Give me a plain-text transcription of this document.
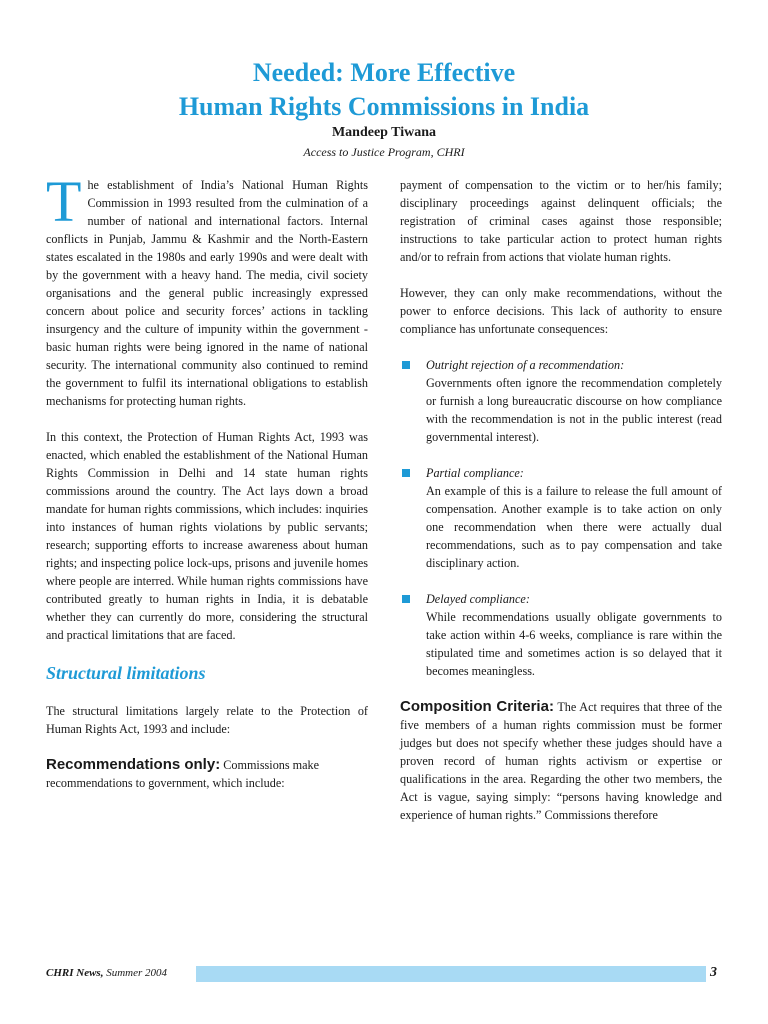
Needed: More Effective
Human Rights Commissions in India
Mandeep Tiwana
Access to Justice Program, CHRI

The establishment of India’s National Human Rights Commission in 1993 resulted from the culmination of a number of national and international factors. Internal conflicts in Punjab, Jammu & Kashmir and the North-Eastern states escalated in the 1980s and early 1990s and were dealt with by the government with a heavy hand. The media, civil society organisations and the general public increasingly expressed concern about police and security forces’ actions in tackling insurgency and the culture of impunity within the government - basic human rights were being ignored in the name of national security. The international community also continued to remind the government to fulfil its international obligations to establish mechanisms for protecting human rights.

In this context, the Protection of Human Rights Act, 1993 was enacted, which enabled the establishment of the National Human Rights Commission in Delhi and 14 state human rights commissions around the country. The Act lays down a broad mandate for human rights commissions, which includes: inquiries into instances of human rights violations by public servants; research; supporting efforts to increase awareness about human rights; and inspecting police lock-ups, prisons and juvenile homes where people are interred. While human rights commissions have contributed greatly to human rights in India, it is debatable whether they can currently do more, considering the structural and practical limitations that are faced.

Structural limitations

The structural limitations largely relate to the Protection of Human Rights Act, 1993 and include:

Recommendations only: Commissions make recommendations to government, which include:

payment of compensation to the victim or to her/his family; disciplinary proceedings against delinquent officials; the registration of criminal cases against those responsible; instructions to take particular action to protect human rights and/or to refrain from actions that violate human rights.

However, they can only make recommendations, without the power to enforce decisions. This lack of authority to ensure compliance has unfortunate consequences:

Outright rejection of a recommendation:

Governments often ignore the recommendation completely or furnish a long bureaucratic discourse on how compliance with the recommendation is not in the public interest (read governmental interest).

Partial compliance:

An example of this is a failure to release the full amount of compensation. Another example is to take action on only one recommendation when there were actually dual recommendations, such as to pay compensation and take disciplinary action.

Delayed compliance:

While recommendations usually obligate governments to take action within 4-6 weeks, compliance is rare within the stipulated time and sometimes action is so delayed that it becomes meaningless.

Composition Criteria: The Act requires that three of the five members of a human rights commission must be former judges but does not specify whether these judges should have a proven record of human rights activism or expertise or qualifications in the area. Regarding the other two members, the Act is vague, saying simply: “persons having knowledge and experience of human rights.” Commissions therefore

CHRI News, Summer 2004	3
